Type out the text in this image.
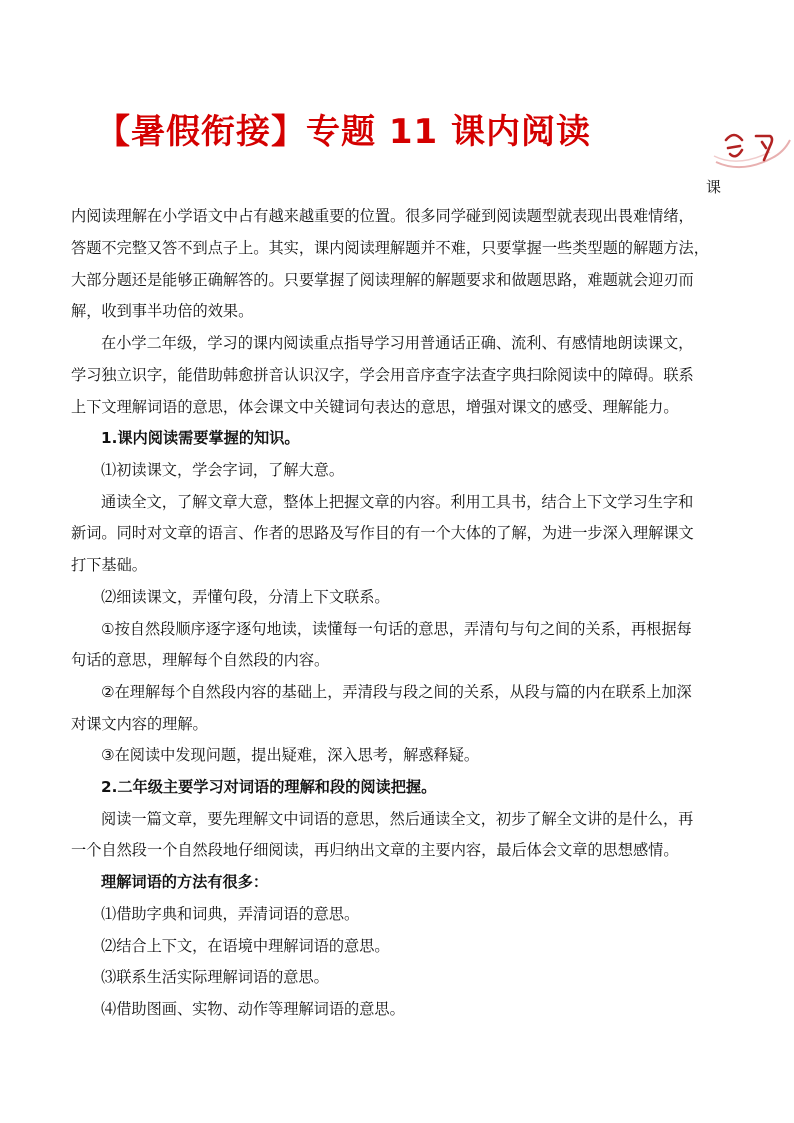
【暑假衔接】专题 11 课内阅读
课
内阅读理解在小学语文中占有越来越重要的位置。很多同学碰到阅读题型就表现出畏难情绪，
答题不完整又答不到点子上。其实，课内阅读理解题并不难，只要掌握一些类型题的解题方法，
大部分题还是能够正确解答的。只要掌握了阅读理解的解题要求和做题思路，难题就会迎刃而
解，收到事半功倍的效果。
在小学二年级，学习的课内阅读重点指导学习用普通话正确、流利、有感情地朗读课文，
学习独立识字，能借助韩愈拼音认识汉字，学会用音序查字法查字典扫除阅读中的障碍。联系
上下文理解词语的意思，体会课文中关键词句表达的意思，增强对课文的感受、理解能力。
1.课内阅读需要掌握的知识。
⑴初读课文，学会字词，了解大意。
通读全文，了解文章大意，整体上把握文章的内容。利用工具书，结合上下文学习生字和
新词。同时对文章的语言、作者的思路及写作目的有一个大体的了解，为进一步深入理解课文
打下基础。
⑵细读课文，弄懂句段，分清上下文联系。
①按自然段顺序逐字逐句地读，读懂每一句话的意思，弄清句与句之间的关系，再根据每
句话的意思，理解每个自然段的内容。
②在理解每个自然段内容的基础上，弄清段与段之间的关系，从段与篇的内在联系上加深
对课文内容的理解。
③在阅读中发现问题，提出疑难，深入思考，解惑释疑。
2.二年级主要学习对词语的理解和段的阅读把握。
阅读一篇文章，要先理解文中词语的意思，然后通读全文，初步了解全文讲的是什么，再
一个自然段一个自然段地仔细阅读，再归纳出文章的主要内容，最后体会文章的思想感情。
理解词语的方法有很多：
⑴借助字典和词典，弄清词语的意思。
⑵结合上下文，在语境中理解词语的意思。
⑶联系生活实际理解词语的意思。
⑷借助图画、实物、动作等理解词语的意思。
